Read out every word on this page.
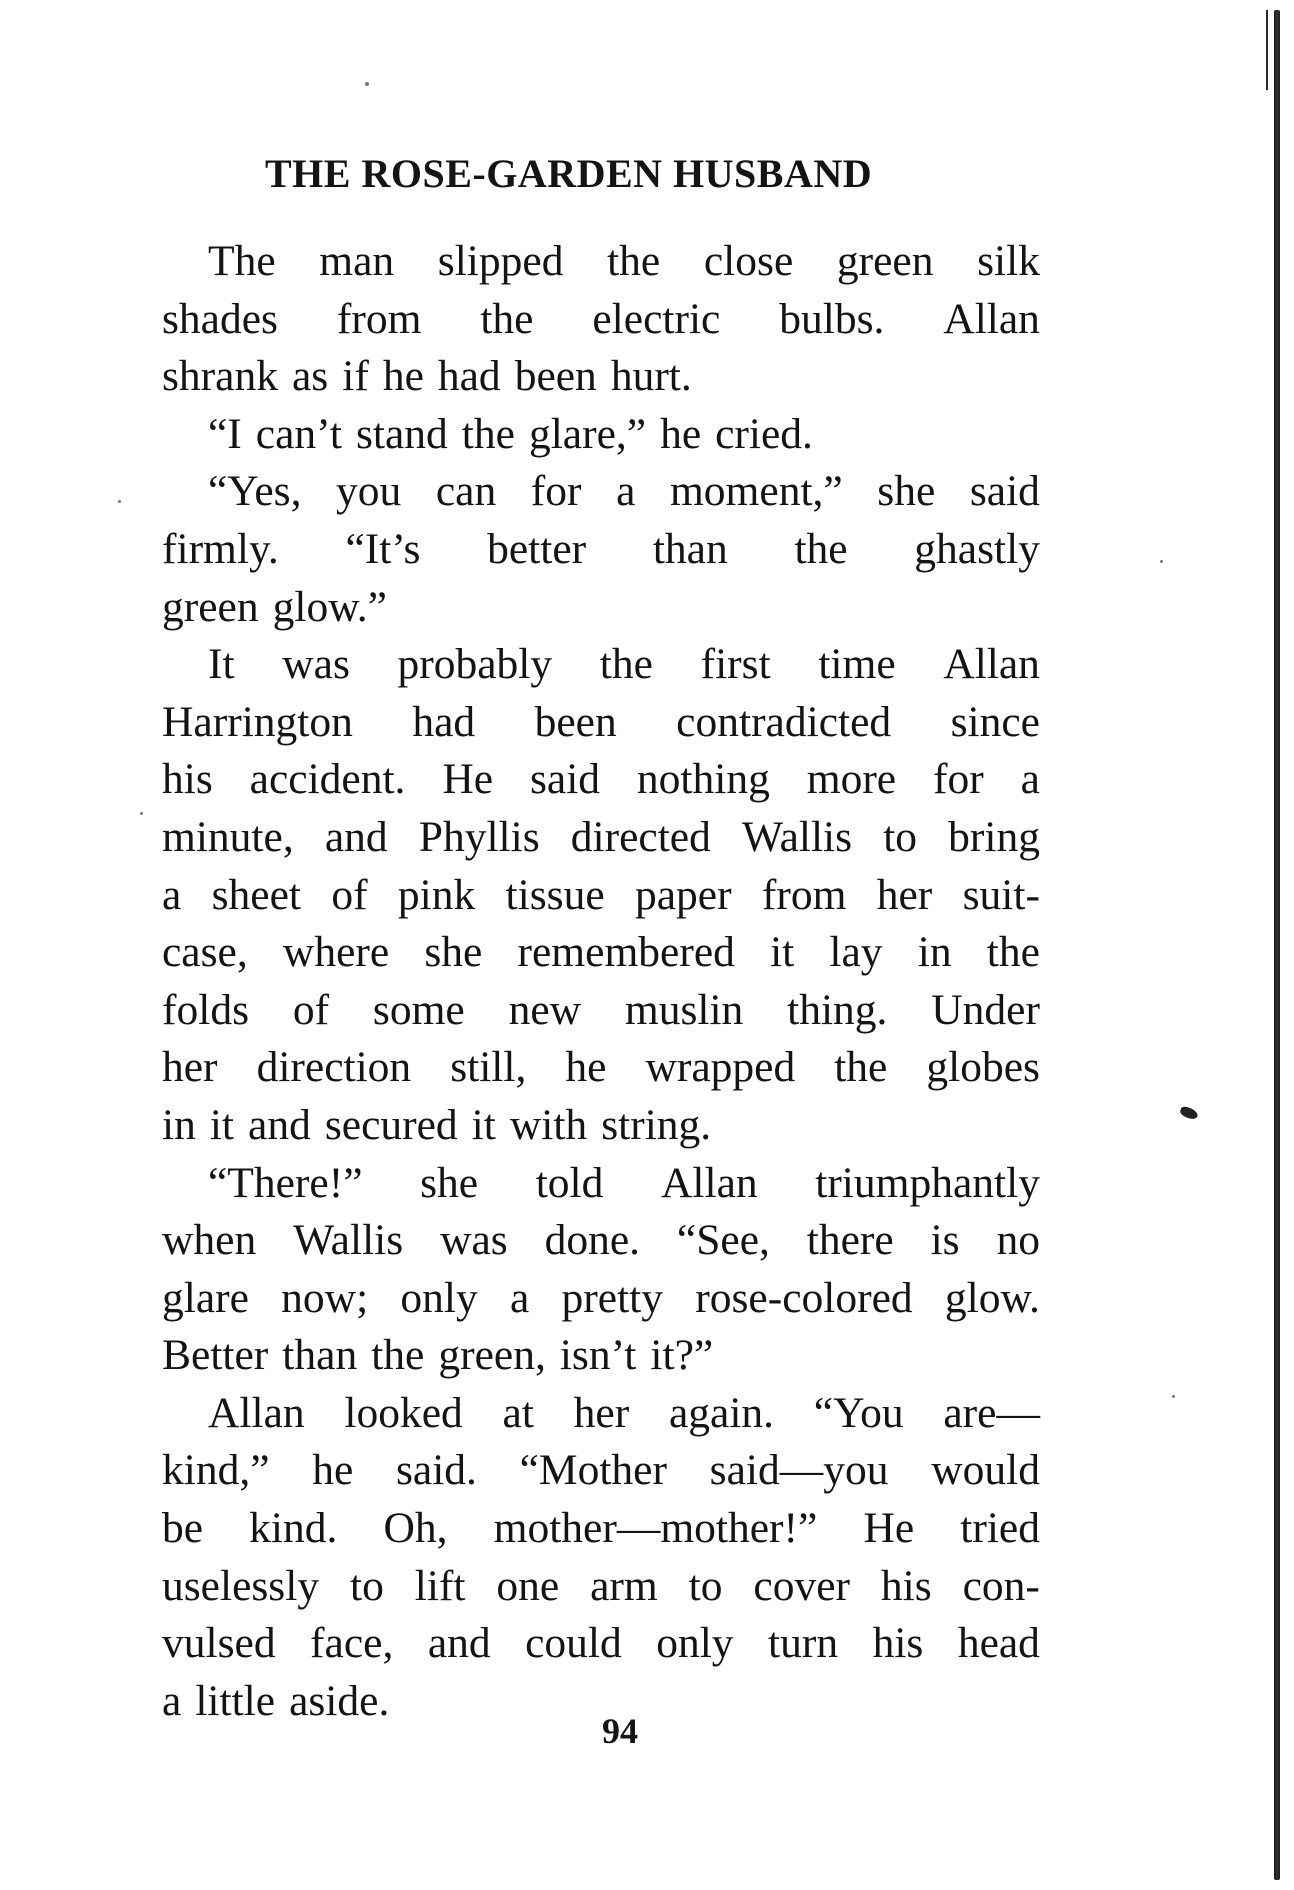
THE ROSE-GARDEN HUSBAND
The man slipped the close green silk
shades from the electric bulbs. Allan
shrank as if he had been hurt.
“I can’t stand the glare,” he cried.
“Yes, you can for a moment,” she said
firmly. “It’s better than the ghastly
green glow.”
It was probably the first time Allan
Harrington had been contradicted since
his accident. He said nothing more for a
minute, and Phyllis directed Wallis to bring
a sheet of pink tissue paper from her suit-
case, where she remembered it lay in the
folds of some new muslin thing. Under
her direction still, he wrapped the globes
in it and secured it with string.
“There!” she told Allan triumphantly
when Wallis was done. “See, there is no
glare now; only a pretty rose-colored glow.
Better than the green, isn’t it?”
Allan looked at her again. “You are—
kind,” he said. “Mother said—you would
be kind. Oh, mother—mother!” He tried
uselessly to lift one arm to cover his con-
vulsed face, and could only turn his head
a little aside.
94
